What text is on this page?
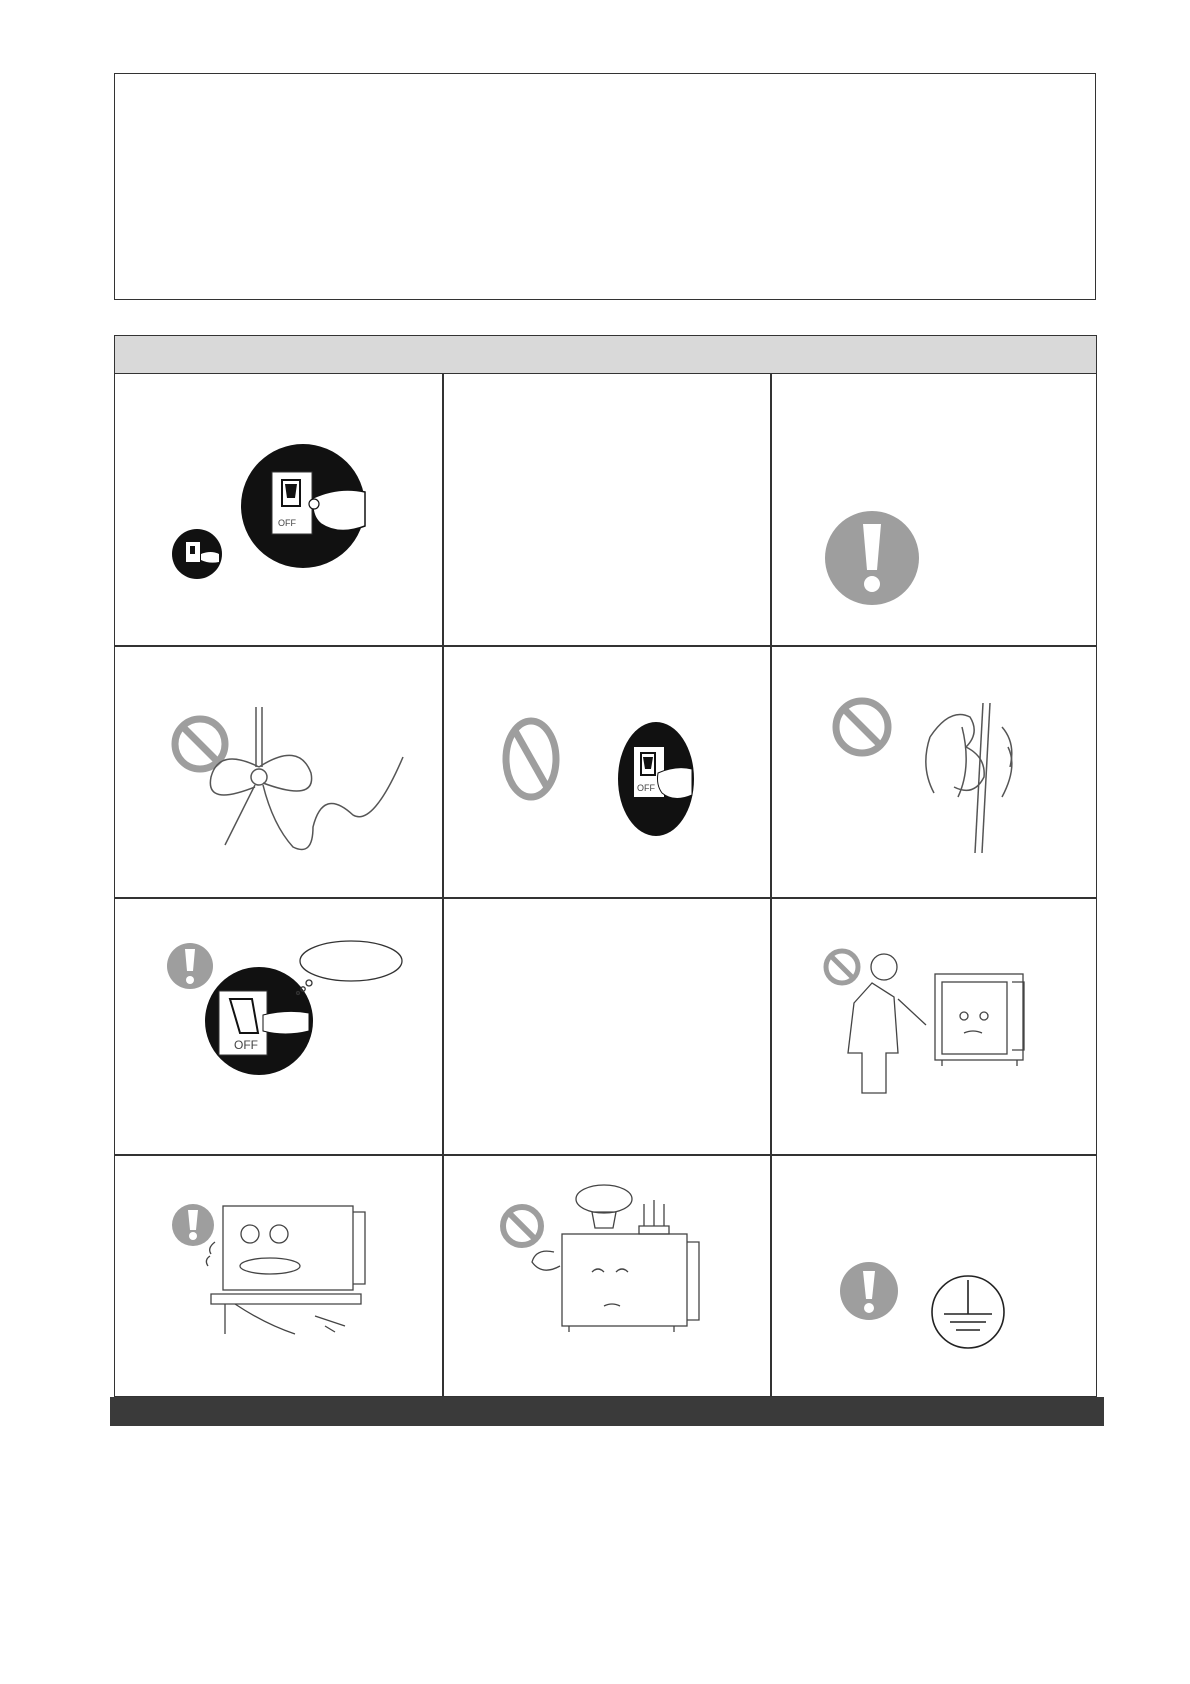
OFF
OFF
OFF
